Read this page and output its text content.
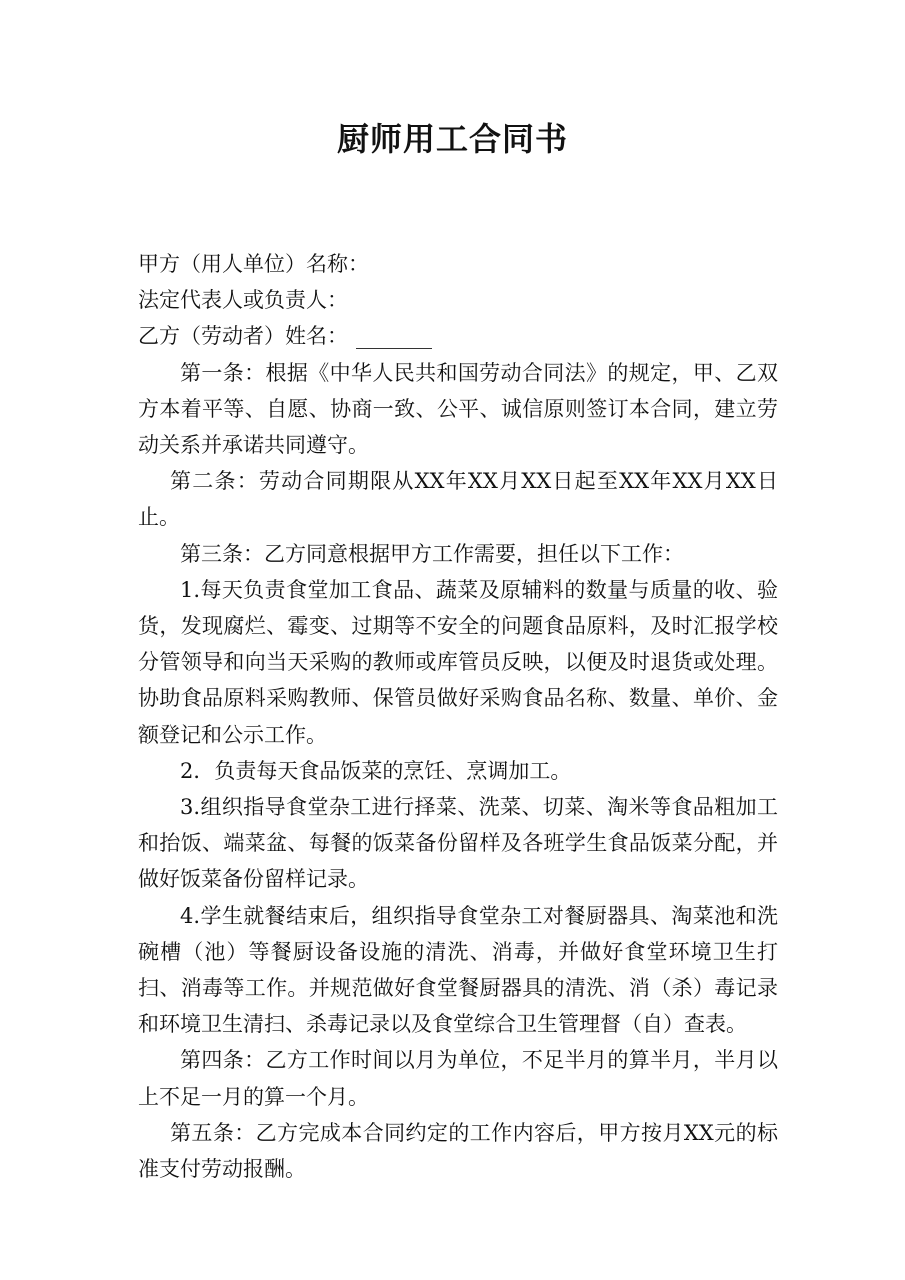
厨师用工合同书

甲方（用人单位）名称：

法定代表人或负责人：

乙方（劳动者）姓名：

第一条：根据《中华人民共和国劳动合同法》的规定，甲、乙双方本着平等、自愿、协商一致、公平、诚信原则签订本合同，建立劳动关系并承诺共同遵守。

第二条：劳动合同期限从XX年XX月XX日起至XX年XX月XX日止。

第三条：乙方同意根据甲方工作需要，担任以下工作：

1.每天负责食堂加工食品、蔬菜及原辅料的数量与质量的收、验货，发现腐烂、霉变、过期等不安全的问题食品原料，及时汇报学校分管领导和向当天采购的教师或库管员反映，以便及时退货或处理。协助食品原料采购教师、保管员做好采购食品名称、数量、单价、金额登记和公示工作。

2．负责每天食品饭菜的烹饪、烹调加工。

3.组织指导食堂杂工进行择菜、洗菜、切菜、淘米等食品粗加工和抬饭、端菜盆、每餐的饭菜备份留样及各班学生食品饭菜分配，并做好饭菜备份留样记录。

4.学生就餐结束后，组织指导食堂杂工对餐厨器具、淘菜池和洗碗槽（池）等餐厨设备设施的清洗、消毒，并做好食堂环境卫生打扫、消毒等工作。并规范做好食堂餐厨器具的清洗、消（杀）毒记录和环境卫生清扫、杀毒记录以及食堂综合卫生管理督（自）查表。

第四条：乙方工作时间以月为单位，不足半月的算半月，半月以上不足一月的算一个月。

第五条：乙方完成本合同约定的工作内容后，甲方按月XX元的标准支付劳动报酬。
